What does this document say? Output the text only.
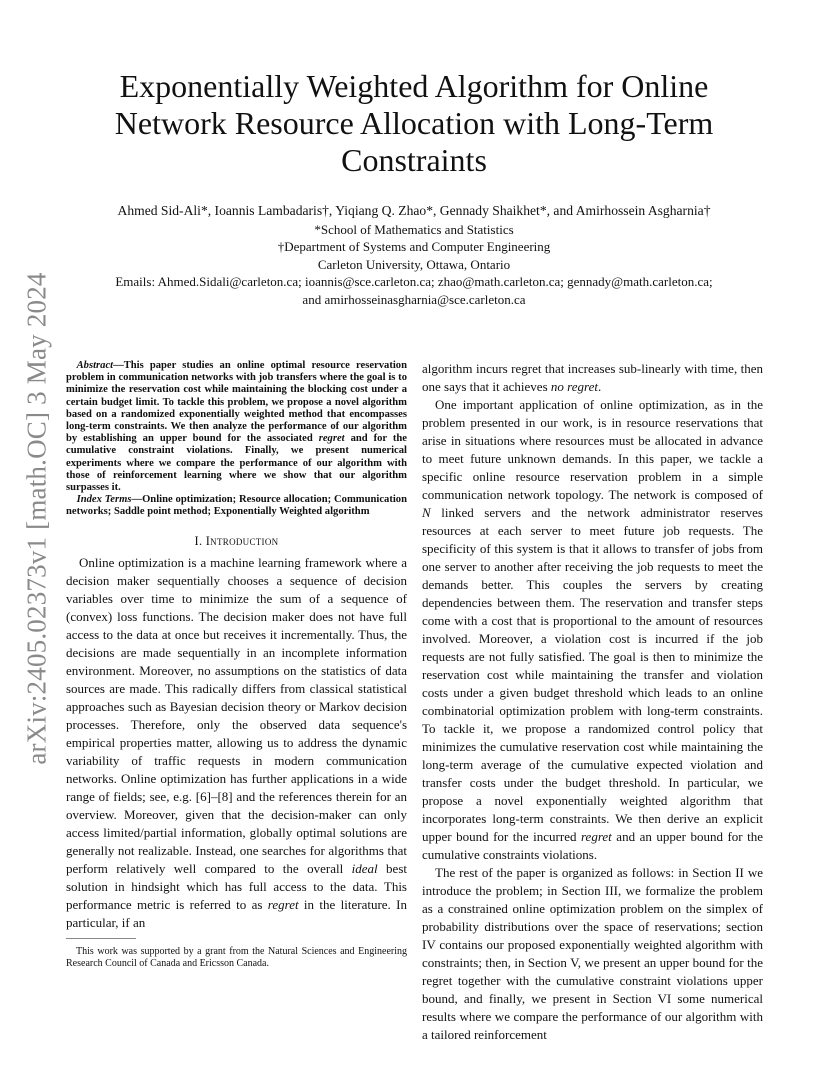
arXiv:2405.02373v1 [math.OC] 3 May 2024
Exponentially Weighted Algorithm for Online
Network Resource Allocation with Long-Term
Constraints
Ahmed Sid-Ali*, Ioannis Lambadaris†, Yiqiang Q. Zhao*, Gennady Shaikhet*, and Amirhossein Asgharnia†
*School of Mathematics and Statistics
†Department of Systems and Computer Engineering
Carleton University, Ottawa, Ontario
Emails: Ahmed.Sidali@carleton.ca; ioannis@sce.carleton.ca; zhao@math.carleton.ca; gennady@math.carleton.ca;
and amirhosseinasgharnia@sce.carleton.ca

Abstract—This paper studies an online optimal resource reservation problem in communication networks with job transfers where the goal is to minimize the reservation cost while maintaining the blocking cost under a certain budget limit. To tackle this problem, we propose a novel algorithm based on a randomized exponentially weighted method that encompasses long-term constraints. We then analyze the performance of our algorithm by establishing an upper bound for the associated regret and for the cumulative constraint violations. Finally, we present numerical experiments where we compare the performance of our algorithm with those of reinforcement learning where we show that our algorithm surpasses it.

Index Terms—Online optimization; Resource allocation; Communication networks; Saddle point method; Exponentially Weighted algorithm

I. Introduction

Online optimization is a machine learning framework where a decision maker sequentially chooses a sequence of decision variables over time to minimize the sum of a sequence of (convex) loss functions. The decision maker does not have full access to the data at once but receives it incrementally. Thus, the decisions are made sequentially in an incomplete information environment. Moreover, no assumptions on the statistics of data sources are made. This radically differs from classical statistical approaches such as Bayesian decision theory or Markov decision processes. Therefore, only the observed data sequence's empirical properties matter, allowing us to address the dynamic variability of traffic requests in modern communication networks. Online optimization has further applications in a wide range of fields; see, e.g. [6]–[8] and the references therein for an overview. Moreover, given that the decision-maker can only access limited/partial information, globally optimal solutions are generally not realizable. Instead, one searches for algorithms that perform relatively well compared to the overall ideal best solution in hindsight which has full access to the data. This performance metric is referred to as regret in the literature. In particular, if an

This work was supported by a grant from the Natural Sciences and Engineering Research Council of Canada and Ericsson Canada.

algorithm incurs regret that increases sub-linearly with time, then one says that it achieves no regret.

One important application of online optimization, as in the problem presented in our work, is in resource reservations that arise in situations where resources must be allocated in advance to meet future unknown demands. In this paper, we tackle a specific online resource reservation problem in a simple communication network topology. The network is composed of N linked servers and the network administrator reserves resources at each server to meet future job requests. The specificity of this system is that it allows to transfer of jobs from one server to another after receiving the job requests to meet the demands better. This couples the servers by creating dependencies between them. The reservation and transfer steps come with a cost that is proportional to the amount of resources involved. Moreover, a violation cost is incurred if the job requests are not fully satisfied. The goal is then to minimize the reservation cost while maintaining the transfer and violation costs under a given budget threshold which leads to an online combinatorial optimization problem with long-term constraints. To tackle it, we propose a randomized control policy that minimizes the cumulative reservation cost while maintaining the long-term average of the cumulative expected violation and transfer costs under the budget threshold. In particular, we propose a novel exponentially weighted algorithm that incorporates long-term constraints. We then derive an explicit upper bound for the incurred regret and an upper bound for the cumulative constraints violations.

The rest of the paper is organized as follows: in Section II we introduce the problem; in Section III, we formalize the problem as a constrained online optimization problem on the simplex of probability distributions over the space of reservations; section IV contains our proposed exponentially weighted algorithm with constraints; then, in Section V, we present an upper bound for the regret together with the cumulative constraint violations upper bound, and finally, we present in Section VI some numerical results where we compare the performance of our algorithm with a tailored reinforcement
